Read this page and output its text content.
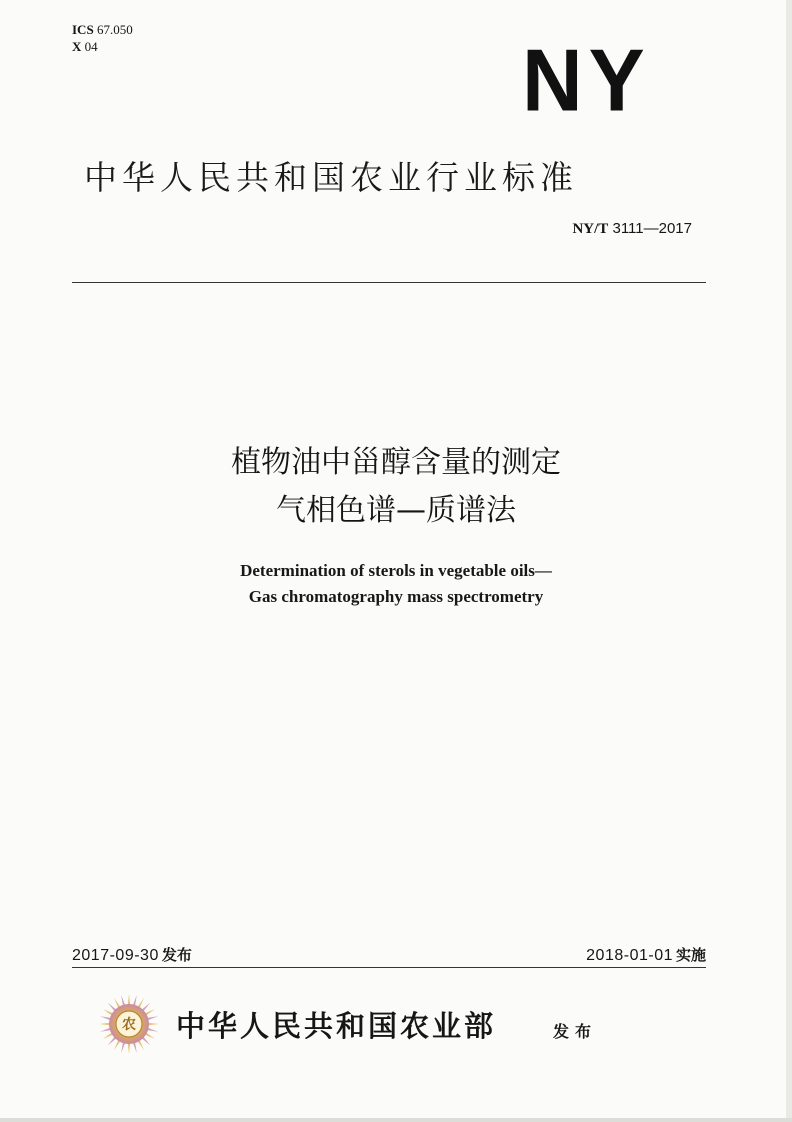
ICS 67.050
X 04	NY
中华人民共和国农业行业标准
NY/T 3111—2017
植物油中甾醇含量的测定
气相色谱—质谱法
Determination of sterols in vegetable oils—
Gas chromatography mass spectrometry
2017-09-30 发布	2018-01-01 实施
农 中华人民共和国农业部	发布
